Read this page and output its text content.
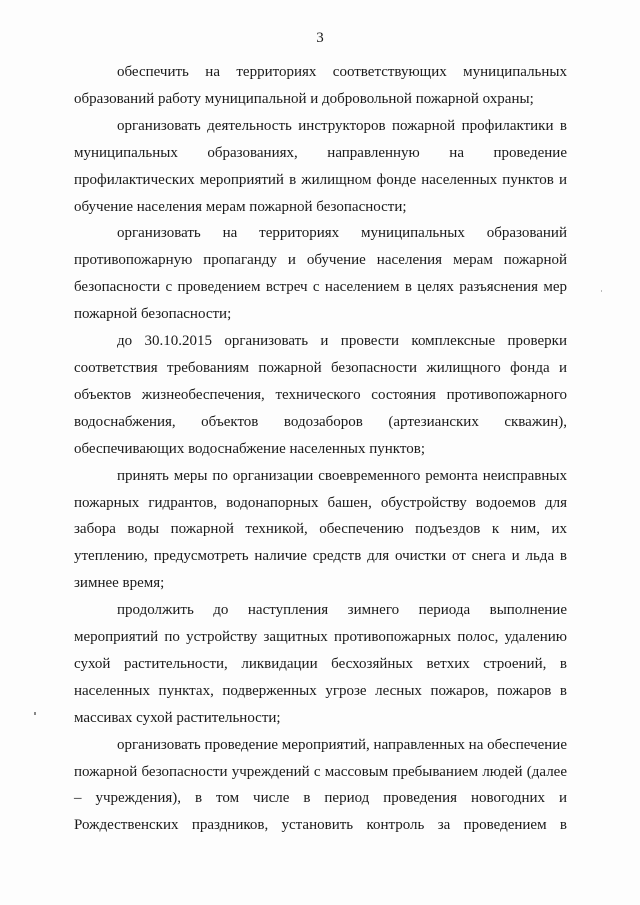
3

обеспечить на территориях соответствующих муниципальных образований работу муниципальной и добровольной пожарной охраны;

организовать деятельность инструкторов пожарной профилактики в муниципальных образованиях, направленную на проведение профилактических мероприятий в жилищном фонде населенных пунктов и обучение населения мерам пожарной безопасности;

организовать на территориях муниципальных образований противопожарную пропаганду и обучение населения мерам пожарной безопасности с проведением встреч с населением в целях разъяснения мер пожарной безопасности;

до 30.10.2015 организовать и провести комплексные проверки соответствия требованиям пожарной безопасности жилищного фонда и объектов жизнеобеспечения, технического состояния противопожарного водоснабжения, объектов водозаборов (артезианских скважин), обеспечивающих водоснабжение населенных пунктов;

принять меры по организации своевременного ремонта неисправных пожарных гидрантов, водонапорных башен, обустройству водоемов для забора воды пожарной техникой, обеспечению подъездов к ним, их утеплению, предусмотреть наличие средств для очистки от снега и льда в зимнее время;

продолжить до наступления зимнего периода выполнение мероприятий по устройству защитных противопожарных полос, удалению сухой растительности, ликвидации бесхозяйных ветхих строений, в населенных пунктах, подверженных угрозе лесных пожаров, пожаров в массивах сухой растительности;

организовать проведение мероприятий, направленных на обеспечение пожарной безопасности учреждений с массовым пребыванием людей (далее – учреждения), в том числе в период проведения новогодних и Рождественских праздников, установить контроль за проведением в
